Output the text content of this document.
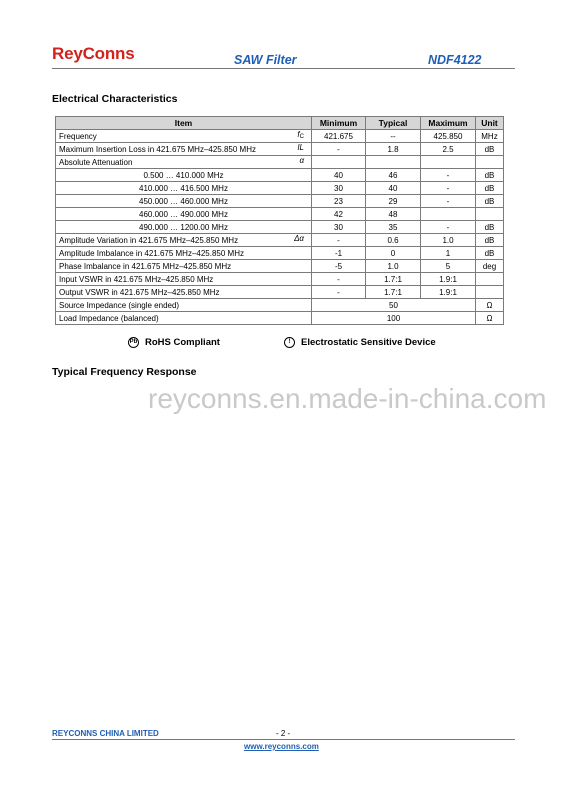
ReyConns	SAW Filter	NDF4122
Electrical Characteristics
Item	Minimum	Typical	Maximum	Unit
Frequency fC	421.675	--	425.850	MHz
Maximum Insertion Loss in 421.675 MHz–425.850 MHz IL	-	1.8	2.5	dB
Absolute Attenuation α				

0.500 … 410.000 MHz	40	46	-	dB
410.000 … 416.500 MHz	30	40	-	dB
450.000 … 460.000 MHz	23	29	-	dB
460.000 … 490.000 MHz	42	48		
490.000 … 1200.00 MHz	30	35	-	dB
Amplitude Variation in 421.675 MHz–425.850 MHz Δα	-	0.6	1.0	dB
Amplitude Imbalance in 421.675 MHz–425.850 MHz	-1	0	1	dB
Phase Imbalance in 421.675 MHz–425.850 MHz	-5	1.0	5	deg
Input VSWR in 421.675 MHz–425.850 MHz	-	1.7:1	1.9:1	
Output VSWR in 421.675 MHz–425.850 MHz	-	1.7:1	1.9:1	
Source Impedance (single ended)	50			Ω
Load Impedance (balanced)	100			Ω
Pb RoHS Compliant	!	Electrostatic Sensitive Device
Typical Frequency Response
reyconns.en.made-in-china.com
REYCONNS CHINA LIMITED	- 2 -
www.reyconns.com
